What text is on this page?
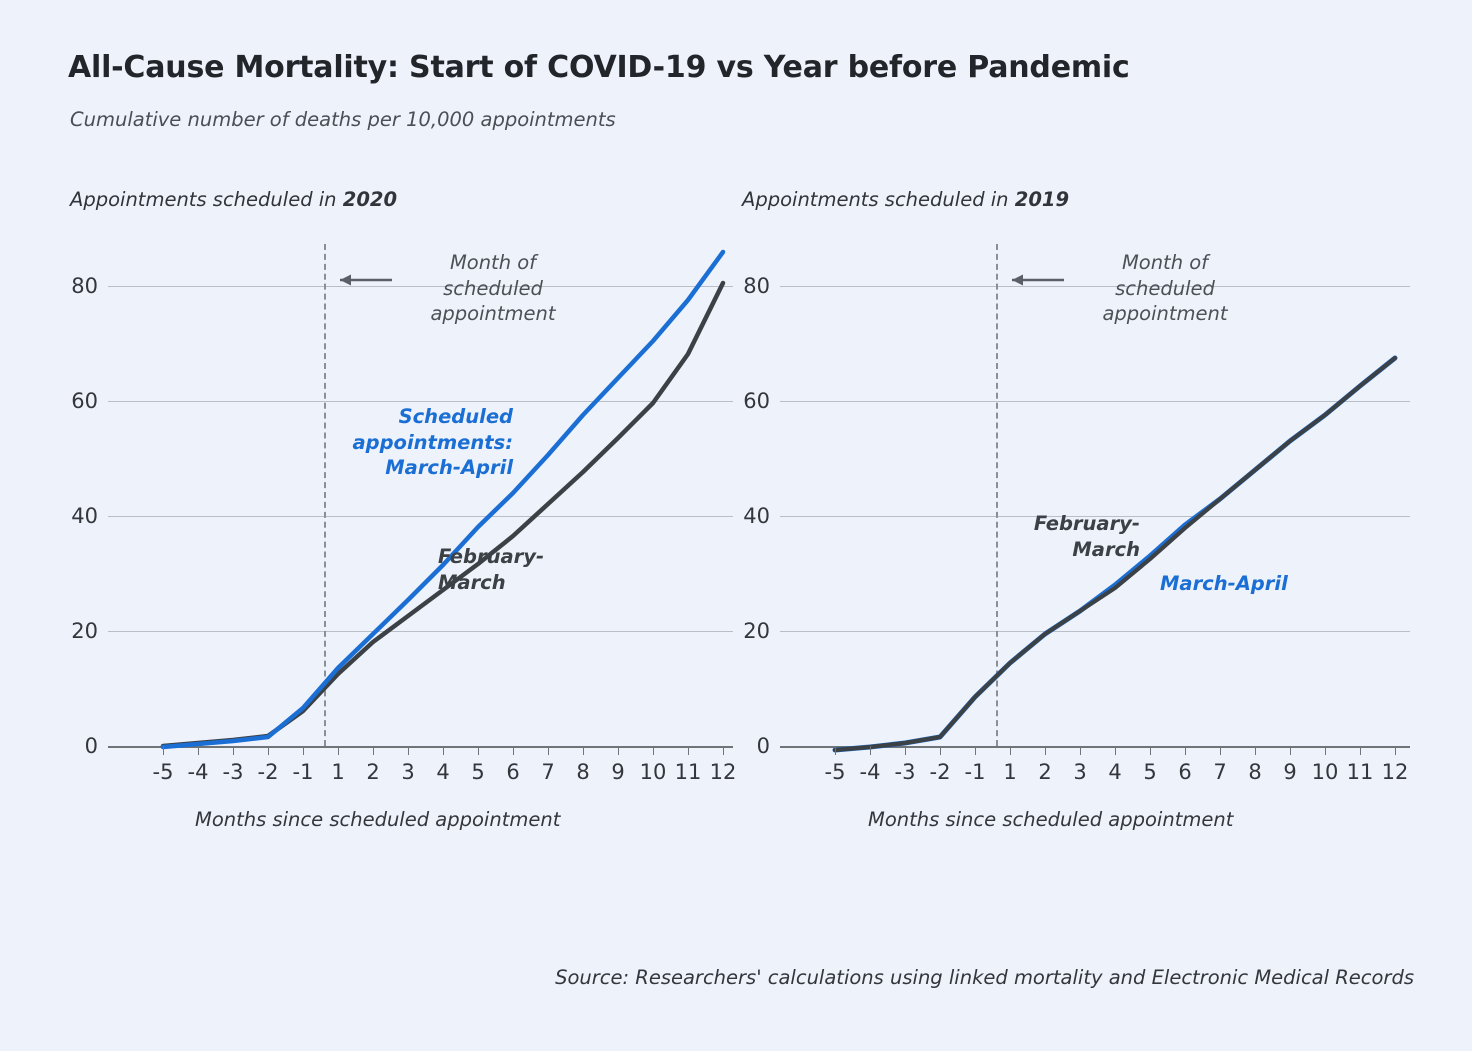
All-Cause Mortality: Start of COVID-19 vs Year before Pandemic
Cumulative number of deaths per 10,000 appointments
Appointments scheduled in 2020
80
60
40
20
0
-5 -4 -3 -2 -1 1 2 3 4 5 6 7 8 9 10 11 12
Month of
scheduled
appointment
Scheduled
appointments:
March-April
February-
March
Months since scheduled appointment
Appointments scheduled in 2019
80
60
40
20
0
-5 -4 -3 -2 -1 1 2 3 4 5 6 7 8 9 10 11 12
Month of
scheduled
appointment
February-
March
March-April
Months since scheduled appointment
Source: Researchers' calculations using linked mortality and Electronic Medical Records
